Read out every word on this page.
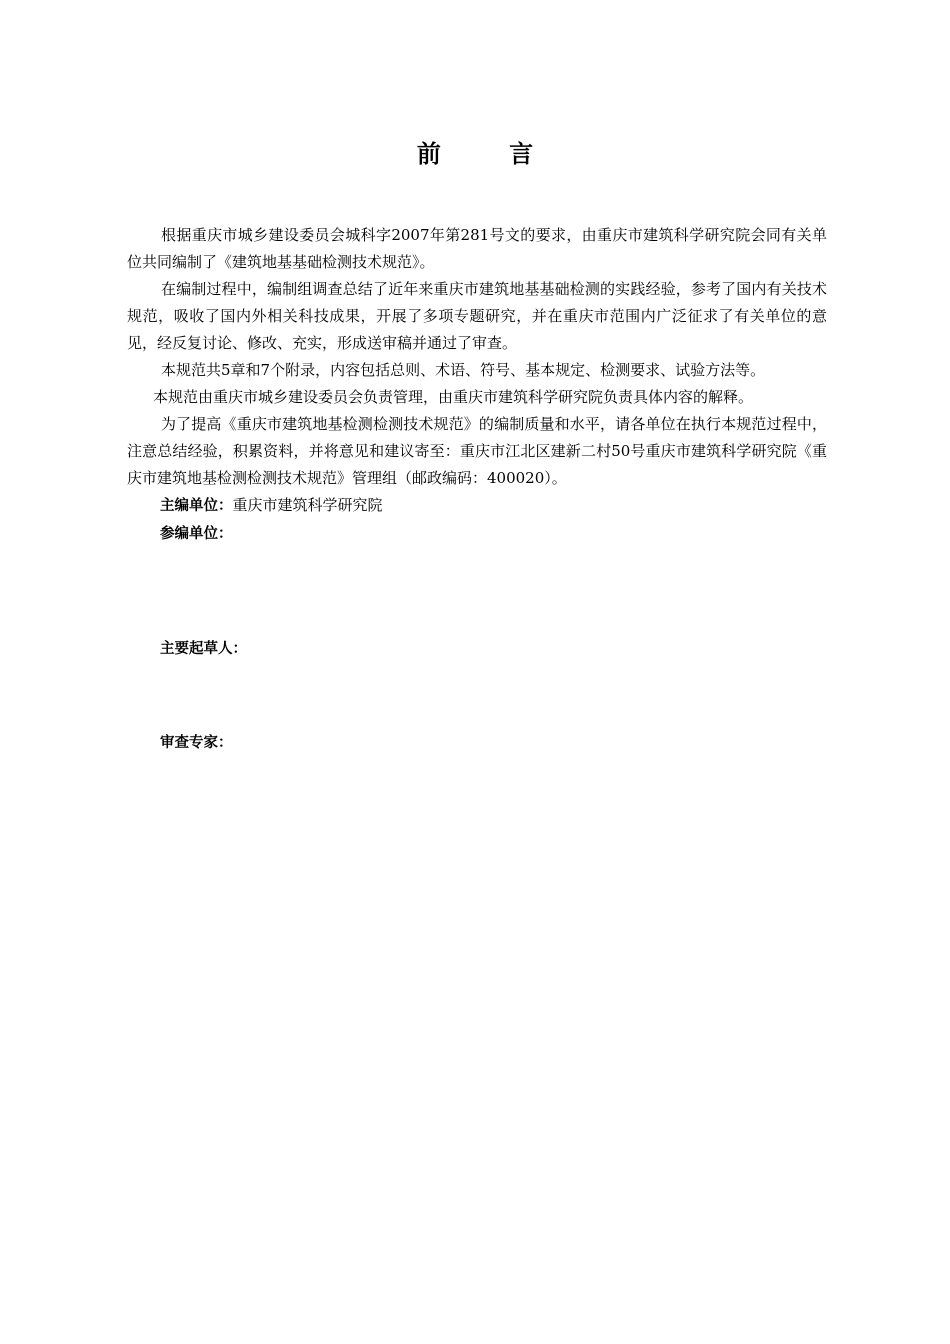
前 言

根据重庆市城乡建设委员会城科字2007年第281号文的要求，由重庆市建筑科学研究院会同有关单位共同编制了《建筑地基基础检测技术规范》。

在编制过程中，编制组调查总结了近年来重庆市建筑地基基础检测的实践经验，参考了国内有关技术规范，吸收了国内外相关科技成果，开展了多项专题研究，并在重庆市范围内广泛征求了有关单位的意见，经反复讨论、修改、充实，形成送审稿并通过了审查。

本规范共5章和7个附录，内容包括总则、术语、符号、基本规定、检测要求、试验方法等。

本规范由重庆市城乡建设委员会负责管理，由重庆市建筑科学研究院负责具体内容的解释。

为了提高《重庆市建筑地基检测检测技术规范》的编制质量和水平，请各单位在执行本规范过程中，注意总结经验，积累资料，并将意见和建议寄至：重庆市江北区建新二村50号重庆市建筑科学研究院《重庆市建筑地基检测检测技术规范》管理组（邮政编码：400020）。

主编单位：重庆市建筑科学研究院

参编单位：

主要起草人：

审查专家：
